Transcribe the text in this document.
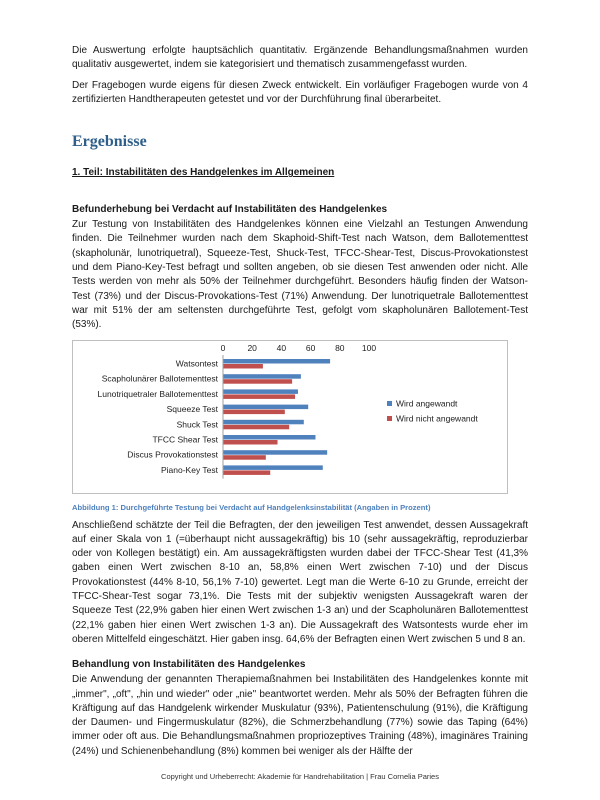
Die Auswertung erfolgte hauptsächlich quantitativ. Ergänzende Behandlungsmaßnahmen wurden qualitativ ausgewertet, indem sie kategorisiert und thematisch zusammengefasst wurden.

Der Fragebogen wurde eigens für diesen Zweck entwickelt. Ein vorläufiger Fragebogen wurde von 4 zertifizierten Handtherapeuten getestet und vor der Durchführung final überarbeitet.

Ergebnisse
1. Teil: Instabilitäten des Handgelenkes im Allgemeinen
Befunderhebung bei Verdacht auf Instabilitäten des Handgelenkes

Zur Testung von Instabilitäten des Handgelenkes können eine Vielzahl an Testungen Anwendung finden. Die Teilnehmer wurden nach dem Skaphoid-Shift-Test nach Watson, dem Ballotementtest (skapholunär, lunotriquetral), Squeeze-Test, Shuck-Test, TFCC-Shear-Test, Discus-Provokationstest und dem Piano-Key-Test befragt und sollten angeben, ob sie diesen Test anwenden oder nicht. Alle Tests werden von mehr als 50% der Teilnehmer durchgeführt. Besonders häufig finden der Watson-Test (73%) und der Discus-Provokations-Test (71%) Anwendung. Der lunotriquetrale Ballotementtest war mit 51% der am seltensten durchgeführte Test, gefolgt vom skapholunären Ballotement-Test (53%).

0	20 40 60 80 100
Watsontest
Scapholunärer Ballotementtest
Lunotriquetraler Ballotementtest
Squeeze Test
Shuck Test
TFCC Shear Test
Discus Provokationstest
Piano-Key Test
Wird angewandt
Wird nicht angewandt
Abbildung 1: Durchgeführte Testung bei Verdacht auf Handgelenksinstabilität (Angaben in Prozent)

Anschließend schätzte der Teil die Befragten, der den jeweiligen Test anwendet, dessen Aussagekraft auf einer Skala von 1 (=überhaupt nicht aussagekräftig) bis 10 (sehr aussagekräftig, reproduzierbar oder von Kollegen bestätigt) ein. Am aussagekräftigsten wurden dabei der TFCC-Shear Test (41,3% gaben einen Wert zwischen 8-10 an, 58,8% einen Wert zwischen 7-10) und der Discus Provokationstest (44% 8-10, 56,1% 7-10) gewertet. Legt man die Werte 6-10 zu Grunde, erreicht der TFCC-Shear-Test sogar 73,1%. Die Tests mit der subjektiv wenigsten Aussagekraft waren der Squeeze Test (22,9% gaben hier einen Wert zwischen 1-3 an) und der Scapholunären Ballotementtest (22,1% gaben hier einen Wert zwischen 1-3 an). Die Aussagekraft des Watsontests wurde eher im oberen Mittelfeld eingeschätzt. Hier gaben insg. 64,6% der Befragten einen Wert zwischen 5 und 8 an.

Behandlung von Instabilitäten des Handgelenkes

Die Anwendung der genannten Therapiemaßnahmen bei Instabilitäten des Handgelenkes konnte mit „immer", „oft", „hin und wieder" oder „nie" beantwortet werden. Mehr als 50% der Befragten führen die Kräftigung auf das Handgelenk wirkender Muskulatur (93%), Patientenschulung (91%), die Kräftigung der Daumen- und Fingermuskulatur (82%), die Schmerzbehandlung (77%) sowie das Taping (64%) immer oder oft aus. Die Behandlungsmaßnahmen propriozeptives Training (48%), imaginäres Training (24%) und Schienenbehandlung (8%) kommen bei weniger als der Hälfte der

Copyright und Urheberrecht: Akademie für Handrehabilitation | Frau Cornelia Paries
